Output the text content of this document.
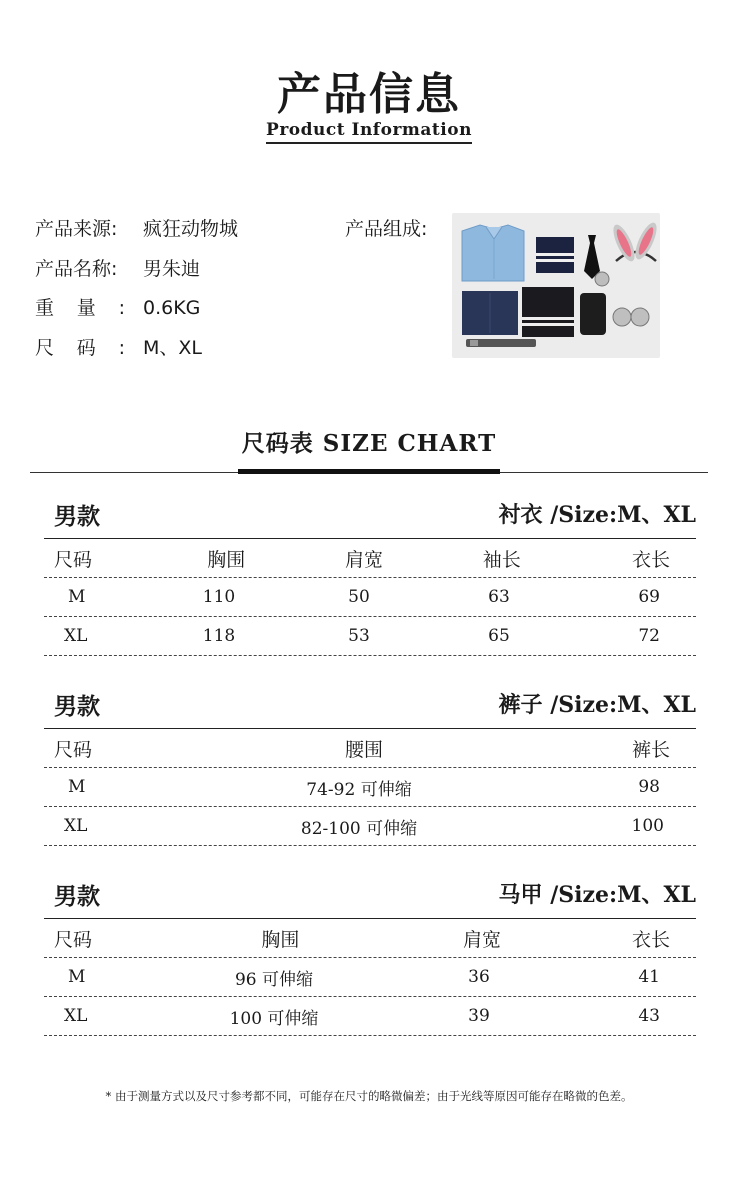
产品信息
Product Information
产品来源: 疯狂动物城
产品名称: 男朱迪
重量: 0.6KG
尺码: M、XL
产品组成:
尺码表 SIZE CHART
男款	衬衣 /Size:M、XL
尺码	胸围	肩宽	袖长	衣长
M	110	50	63	69
XL	118	53	65	72
男款	裤子 /Size:M、XL
尺码	腰围	裤长
M	74-92 可伸缩	98
XL	82-100 可伸缩	100
男款	马甲 /Size:M、XL
尺码	胸围	肩宽	衣长
M	96 可伸缩	36	41
XL	100 可伸缩	39	43
* 由于测量方式以及尺寸参考都不同，可能存在尺寸的略微偏差；由于光线等原因可能存在略微的色差。
